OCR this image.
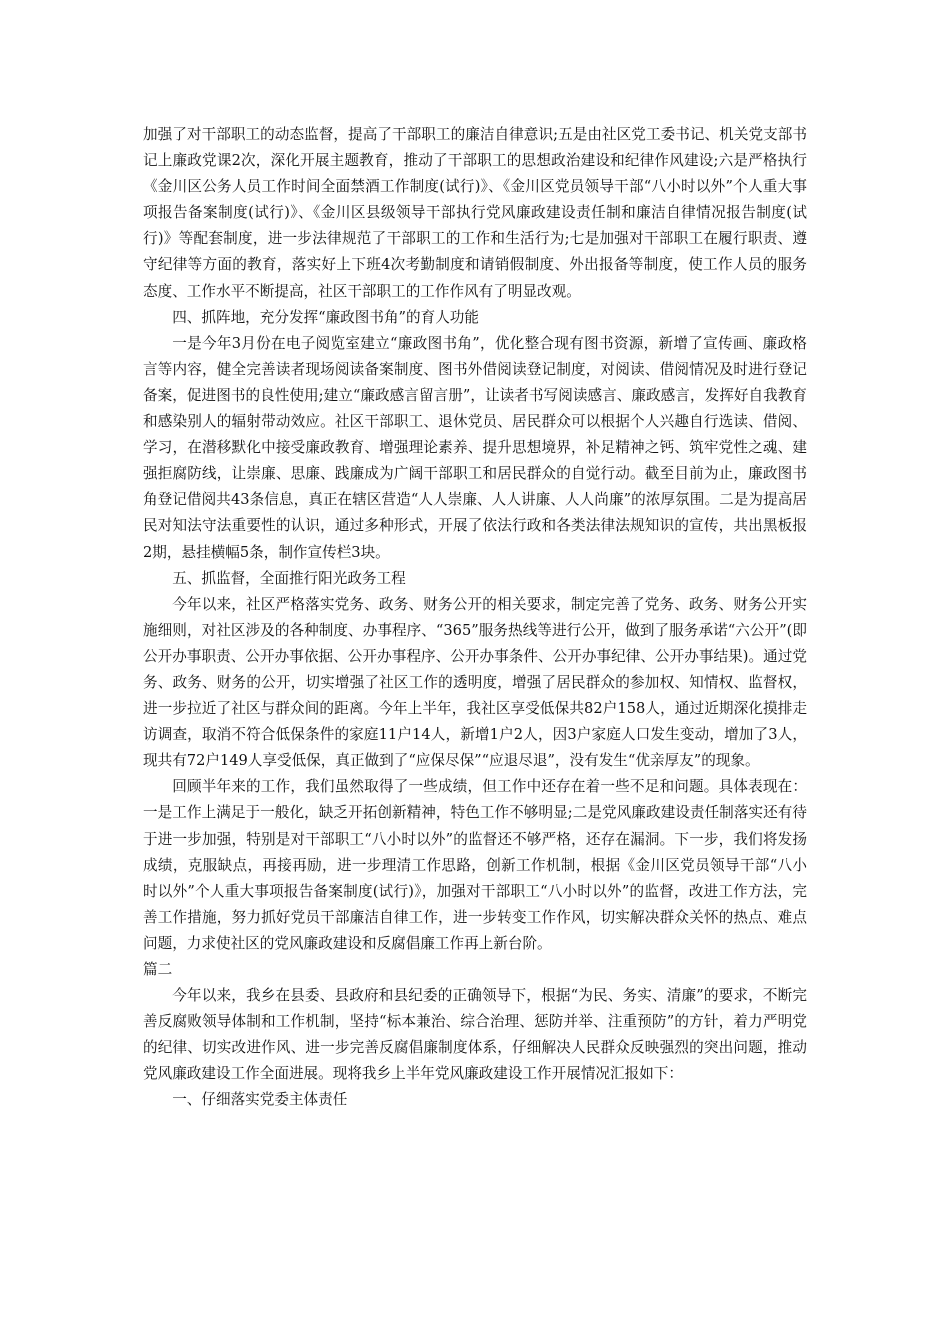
加强了对干部职工的动态监督，提高了干部职工的廉洁自律意识;五是由社区党工委书记、机关党支部书记上廉政党课2次，深化开展主题教育，推动了干部职工的思想政治建设和纪律作风建设;六是严格执行《金川区公务人员工作时间全面禁酒工作制度(试行)》、《金川区党员领导干部“八小时以外”个人重大事项报告备案制度(试行)》、《金川区县级领导干部执行党风廉政建设责任制和廉洁自律情况报告制度(试行)》等配套制度，进一步法律规范了干部职工的工作和生活行为;七是加强对干部职工在履行职责、遵守纪律等方面的教育，落实好上下班4次考勤制度和请销假制度、外出报备等制度，使工作人员的服务态度、工作水平不断提高，社区干部职工的工作作风有了明显改观。

四、抓阵地，充分发挥“廉政图书角”的育人功能

一是今年3月份在电子阅览室建立“廉政图书角”，优化整合现有图书资源，新增了宣传画、廉政格言等内容，健全完善读者现场阅读备案制度、图书外借阅读登记制度，对阅读、借阅情况及时进行登记备案，促进图书的良性使用;建立“廉政感言留言册”，让读者书写阅读感言、廉政感言，发挥好自我教育和感染别人的辐射带动效应。社区干部职工、退休党员、居民群众可以根据个人兴趣自行选读、借阅、学习，在潜移默化中接受廉政教育、增强理论素养、提升思想境界，补足精神之钙、筑牢党性之魂、建强拒腐防线，让崇廉、思廉、践廉成为广阔干部职工和居民群众的自觉行动。截至目前为止，廉政图书角登记借阅共43条信息，真正在辖区营造“人人崇廉、人人讲廉、人人尚廉”的浓厚氛围。二是为提高居民对知法守法重要性的认识，通过多种形式，开展了依法行政和各类法律法规知识的宣传，共出黑板报2期，悬挂横幅5条，制作宣传栏3块。

五、抓监督，全面推行阳光政务工程

今年以来，社区严格落实党务、政务、财务公开的相关要求，制定完善了党务、政务、财务公开实施细则，对社区涉及的各种制度、办事程序、“365”服务热线等进行公开，做到了服务承诺“六公开”(即公开办事职责、公开办事依据、公开办事程序、公开办事条件、公开办事纪律、公开办事结果)。通过党务、政务、财务的公开，切实增强了社区工作的透明度，增强了居民群众的参加权、知情权、监督权，进一步拉近了社区与群众间的距离。今年上半年，我社区享受低保共82户158人，通过近期深化摸排走访调查，取消不符合低保条件的家庭11户14人，新增1户2人，因3户家庭人口发生变动，增加了3人，现共有72户149人享受低保，真正做到了“应保尽保”“应退尽退”，没有发生“优亲厚友”的现象。

回顾半年来的工作，我们虽然取得了一些成绩，但工作中还存在着一些不足和问题。具体表现在：一是工作上满足于一般化，缺乏开拓创新精神，特色工作不够明显;二是党风廉政建设责任制落实还有待于进一步加强，特别是对干部职工“八小时以外”的监督还不够严格，还存在漏洞。下一步，我们将发扬成绩，克服缺点，再接再励，进一步理清工作思路，创新工作机制，根据《金川区党员领导干部“八小时以外”个人重大事项报告备案制度(试行)》，加强对干部职工“八小时以外”的监督，改进工作方法，完善工作措施，努力抓好党员干部廉洁自律工作，进一步转变工作作风，切实解决群众关怀的热点、难点问题，力求使社区的党风廉政建设和反腐倡廉工作再上新台阶。

篇二

今年以来，我乡在县委、县政府和县纪委的正确领导下，根据“为民、务实、清廉”的要求，不断完善反腐败领导体制和工作机制，坚持“标本兼治、综合治理、惩防并举、注重预防”的方针，着力严明党的纪律、切实改进作风、进一步完善反腐倡廉制度体系，仔细解决人民群众反映强烈的突出问题，推动党风廉政建设工作全面进展。现将我乡上半年党风廉政建设工作开展情况汇报如下：

一、仔细落实党委主体责任
